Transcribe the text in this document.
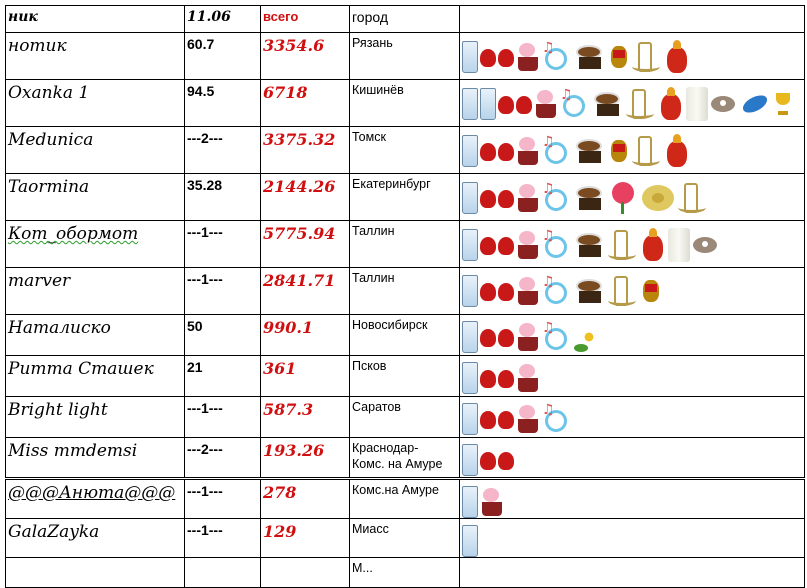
ник	11.06	всего	город	

нотик	60.7	3354.6	Рязань

♫

Oxanka 1	94.5	6718	Кишинёв

♫

Medunica	---2---	3375.32	Томск

♫

Taormina	35.28	2144.26	Екатеринбург

♫

Кот_обормот	---1---	5775.94	Таллин

♫

marver	---1---	2841.71	Таллин

♫

Наталиско	50	990.1	Новосибирск

♫

Ритта Сташек	21	361	Псков	

Bright light	---1---	587.3	Саратов

♫

Miss mmdemsi	---2---	193.26	Краснодар-
Комс. на Амуре	

@@@Анюта@@@	---1---	278	Комс.на Амуре	

GalaZayka	---1---	129	Миасс	

			М...	
